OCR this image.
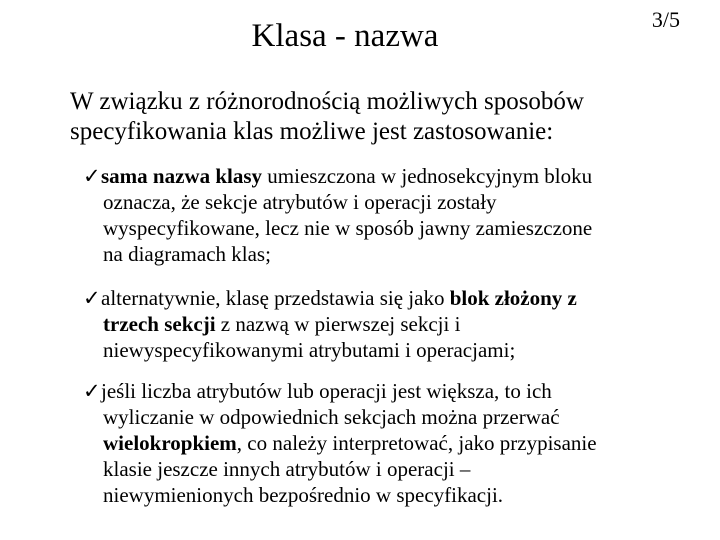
Klasa - nazwa	3/5
W związku z różnorodnością możliwych sposobów
specyfikowania klas możliwe jest zastosowanie:
✓ sama nazwa klasy umieszczona w jednosekcyjnym bloku
oznacza, że sekcje atrybutów i operacji zostały
wyspecyfikowane, lecz nie w sposób jawny zamieszczone
na diagramach klas;
✓ alternatywnie, klasę przedstawia się jako blok złożony z
trzech sekcji z nazwą w pierwszej sekcji i
niewyspecyfikowanymi atrybutami i operacjami;
✓ jeśli liczba atrybutów lub operacji jest większa, to ich
wyliczanie w odpowiednich sekcjach można przerwać
wielokropkiem, co należy interpretować, jako przypisanie
klasie jeszcze innych atrybutów i operacji –
niewymienionych bezpośrednio w specyfikacji.
